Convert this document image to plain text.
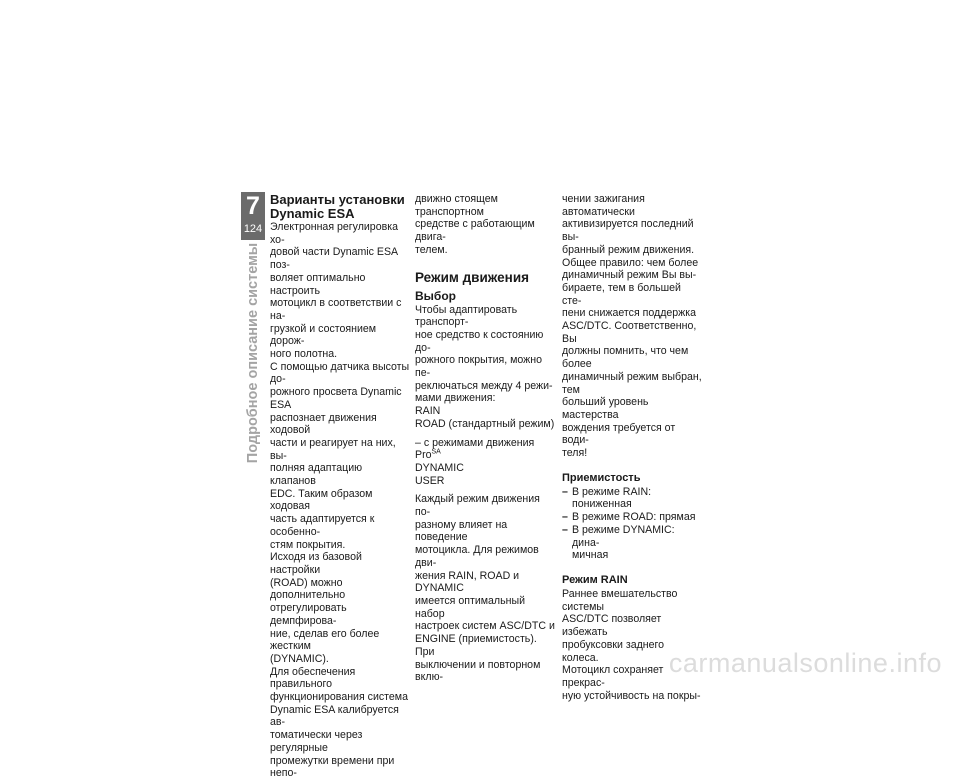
7
124
Подробное описание системы
Варианты установки
Dynamic ESA

Электронная регулировка хо-
довой части Dynamic ESA поз-
воляет оптимально настроить
мотоцикл в соответствии с на-
грузкой и состоянием дорож-
ного полотна.

С помощью датчика высоты до-
рожного просвета Dynamic ESA
распознает движения ходовой
части и реагирует на них, вы-
полняя адаптацию клапанов
EDC. Таким образом ходовая
часть адаптируется к особенно-
стям покрытия.

Исходя из базовой настройки
(ROAD) можно дополнительно
отрегулировать демпфирова-
ние, сделав его более жестким
(DYNAMIC).

Для обеспечения правильного
функционирования система
Dynamic ESA калибруется ав-
томатически через регулярные
промежутки времени при непо-

движно стоящем транспортном
средстве с работающим двига-
телем.

Режим движения
Выбор

Чтобы адаптировать транспорт-
ное средство к состоянию до-
рожного покрытия, можно пе-
реключаться между 4 режи-
мами движения:

RAIN
ROAD (стандартный режим)

– с режимами движения Pro$^{SA}$
DYNAMIC
USER

Каждый режим движения по-
разному влияет на поведение
мотоцикла. Для режимов дви-
жения RAIN, ROAD и DYNAMIC
имеется оптимальный набор
настроек систем ASC/DTC и
ENGINE (приемистость). При
выключении и повторном вклю-

чении зажигания автоматически
активизируется последний вы-
бранный режим движения.

Общее правило: чем более
динамичный режим Вы вы-
бираете, тем в большей сте-
пени снижается поддержка
ASC/DTC. Соответственно, Вы
должны помнить, что чем более
динамичный режим выбран, тем
больший уровень мастерства
вождения требуется от води-
теля!

Приемистость
– В режиме RAIN: пониженная
– В режиме ROAD: прямая
– В режиме DYNAMIC: дина-
мичная
Режим RAIN

Раннее вмешательство системы
ASC/DTC позволяет избежать
пробуксовки заднего колеса.
Мотоцикл сохраняет прекрас-
ную устойчивость на покры-

carmanualsonline.info
